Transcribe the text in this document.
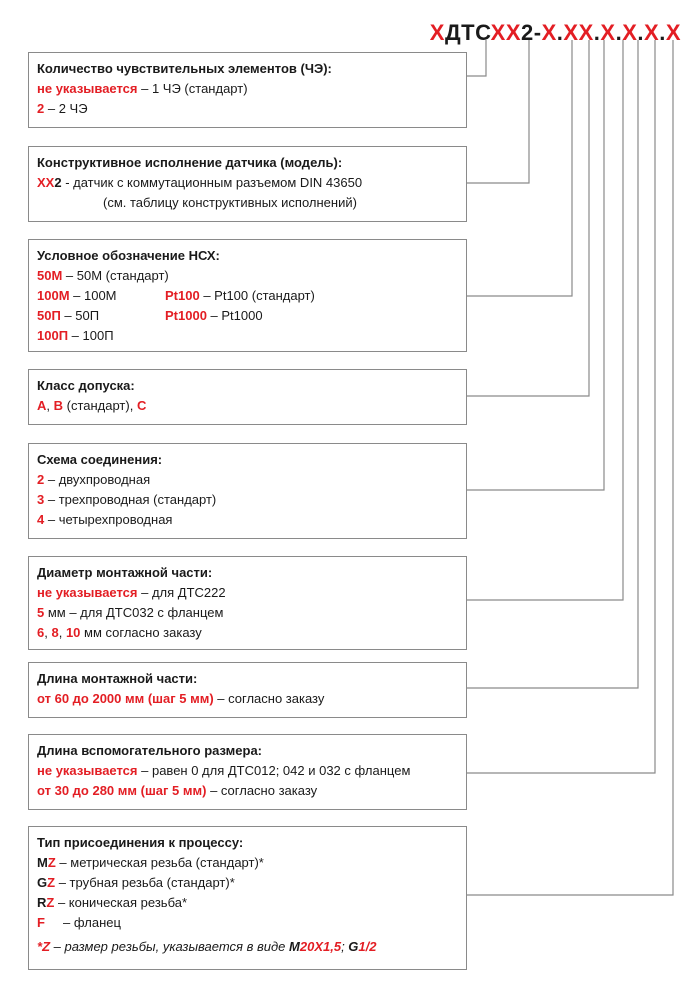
ХДТСХХ2-Х.ХХ.Х.Х.Х.Х
Количество чувствительных элементов (ЧЭ):
не указывается – 1 ЧЭ (стандарт)
2 – 2 ЧЭ
Конструктивное исполнение датчика (модель):
ХХ2 - датчик с коммутационным разъемом DIN 43650
(см. таблицу конструктивных исполнений)
Условное обозначение НСХ:
50М – 50М (стандарт)
100М – 100М	Pt100 – Pt100 (стандарт)
50П – 50П	Pt1000 – Pt1000
100П – 100П
Класс допуска:
А, В (стандарт), С
Схема соединения:
2 – двухпроводная
3 – трехпроводная (стандарт)
4 – четырехпроводная
Диаметр монтажной части:
не указывается – для ДТС222
5 мм – для ДТС032 с фланцем
6, 8, 10 мм согласно заказу
Длина монтажной части:
от 60 до 2000 мм (шаг 5 мм) – согласно заказу
Длина вспомогательного размера:
не указывается – равен 0 для ДТС012; 042 и 032 с фланцем
от 30 до 280 мм (шаг 5 мм) – согласно заказу
Тип присоединения к процессу:
MZ – метрическая резьба (стандарт)*
GZ – трубная резьба (стандарт)*
RZ – коническая резьба*
F     – фланец
*Z – размер резьбы, указывается в виде M20Х1,5; G1/2
